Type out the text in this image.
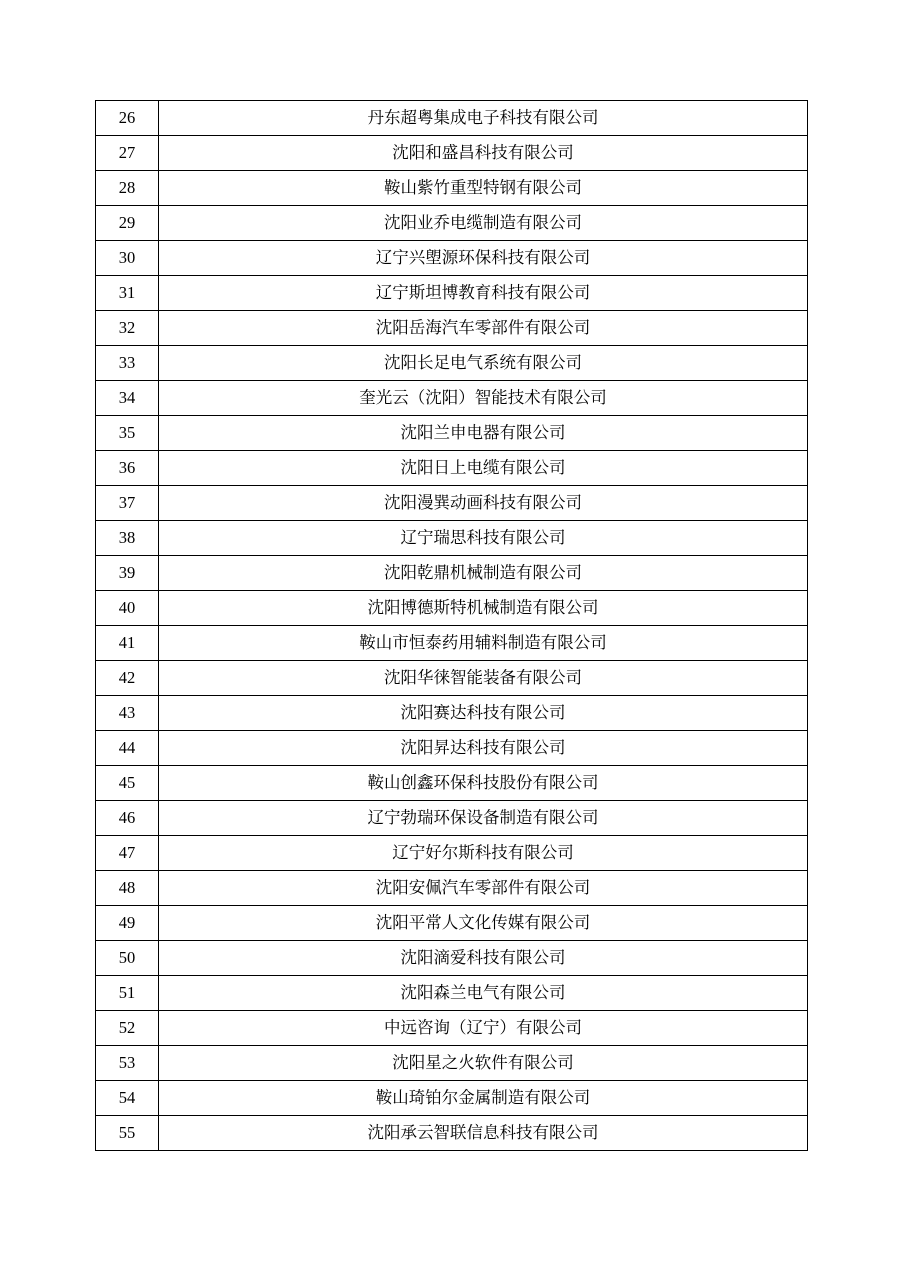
26	丹东超粤集成电子科技有限公司
27	沈阳和盛昌科技有限公司
28	鞍山紫竹重型特钢有限公司
29	沈阳业乔电缆制造有限公司
30	辽宁兴塱源环保科技有限公司
31	辽宁斯坦博教育科技有限公司
32	沈阳岳海汽车零部件有限公司
33	沈阳长足电气系统有限公司
34	奎光云（沈阳）智能技术有限公司
35	沈阳兰申电器有限公司
36	沈阳日上电缆有限公司
37	沈阳漫巽动画科技有限公司
38	辽宁瑞思科技有限公司
39	沈阳乾鼎机械制造有限公司
40	沈阳博德斯特机械制造有限公司
41	鞍山市恒泰药用辅料制造有限公司
42	沈阳华徕智能装备有限公司
43	沈阳赛达科技有限公司
44	沈阳昇达科技有限公司
45	鞍山创鑫环保科技股份有限公司
46	辽宁勃瑞环保设备制造有限公司
47	辽宁好尔斯科技有限公司
48	沈阳安佩汽车零部件有限公司
49	沈阳平常人文化传媒有限公司
50	沈阳滴爱科技有限公司
51	沈阳森兰电气有限公司
52	中远咨询（辽宁）有限公司
53	沈阳星之火软件有限公司
54	鞍山琦铂尔金属制造有限公司
55	沈阳承云智联信息科技有限公司
